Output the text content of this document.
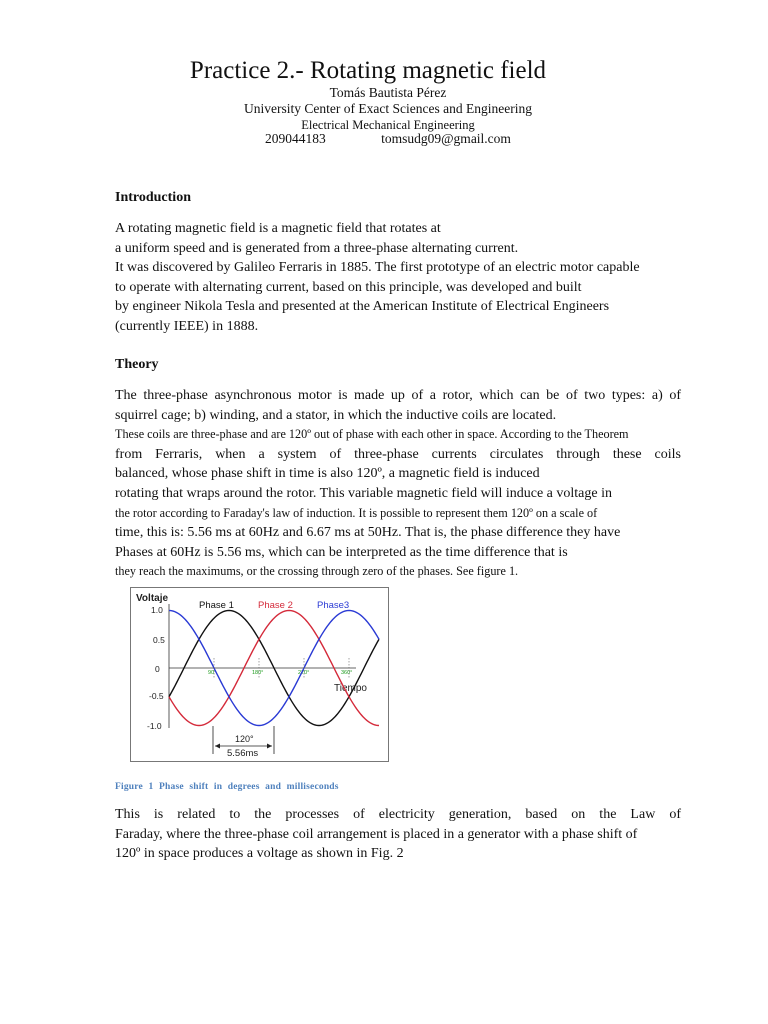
Practice 2.- Rotating magnetic field
Tomás Bautista Pérez
University Center of Exact Sciences and Engineering
Electrical Mechanical Engineering
209044183	tomsudg09@gmail.com
Introduction
A rotating magnetic field is a magnetic field that rotates at
a uniform speed and is generated from a three-phase alternating current.
It was discovered by Galileo Ferraris in 1885. The first prototype of an electric motor capable
to operate with alternating current, based on this principle, was developed and built
by engineer Nikola Tesla and presented at the American Institute of Electrical Engineers
(currently IEEE) in 1888.
Theory
The three-phase asynchronous motor is made up of a rotor, which can be of two types: a) of
squirrel cage; b) winding, and a stator, in which the inductive coils are located.
These coils are three-phase and are 120º out of phase with each other in space. According to the Theorem
from Ferraris, when a system of three-phase currents circulates through these coils
balanced, whose phase shift in time is also 120º, a magnetic field is induced
rotating that wraps around the rotor. This variable magnetic field will induce a voltage in
the rotor according to Faraday's law of induction. It is possible to represent them 120º on a scale of
time, this is: 5.56 ms at 60Hz and 6.67 ms at 50Hz. That is, the phase difference they have
Phases at 60Hz is 5.56 ms, which can be interpreted as the time difference that is
they reach the maximums, or the crossing through zero of the phases. See figure 1.
Voltaje
Tiempo
Phase 1	Phase 2	Phase3
1.0
0.5
0
-0.5
-1.0
90°	180°	270°	360°
120°
5.56ms
Figure 1 Phase shift in degrees and milliseconds
This is related to the processes of electricity generation, based on the Law of
Faraday, where the three-phase coil arrangement is placed in a generator with a phase shift of
120º in space produces a voltage as shown in Fig. 2
